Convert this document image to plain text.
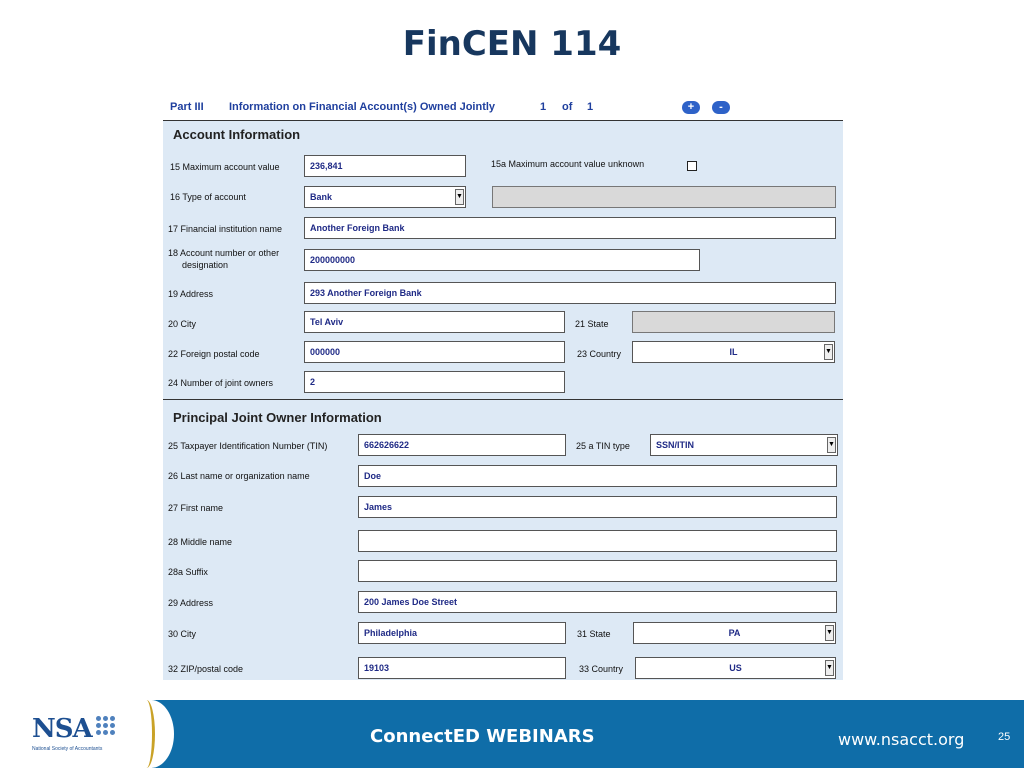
FinCEN 114
Part III Information on Financial Account(s) Owned Jointly	1 of 1	+	-
Account Information
15 Maximum account value	236,841	15a Maximum account value unknown
16 Type of account	Bank	▼
17 Financial institution name	Another Foreign Bank
18 Account number or other
designation	200000000
19 Address	293 Another Foreign Bank
20 City	Tel Aviv	21 State
22 Foreign postal code	000000	23 Country	IL	▼
24 Number of joint owners	2
Principal Joint Owner Information
25 Taxpayer Identification Number (TIN)	662626622	25 a TIN type	SSN/ITIN	▼
26 Last name or organization name	Doe
27 First name	James
28 Middle name
28a Suffix
29 Address	200 James Doe Street
30 City	Philadelphia	31 State	PA	▼
32 ZIP/postal code	19103	33 Country	US	▼
NSA
National Society of Accountants
ConnectED WEBINARS	www.nsacct.org	25
